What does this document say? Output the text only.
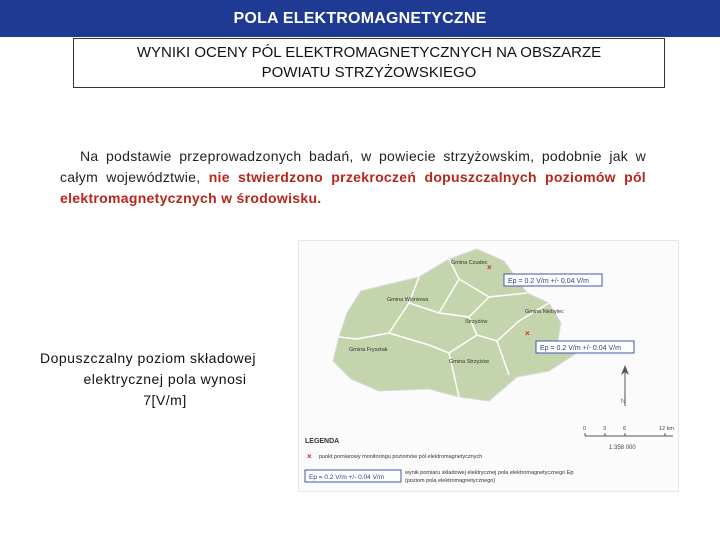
POLA ELEKTROMAGNETYCZNE
WYNIKI OCENY PÓL ELEKTROMAGNETYCZNYCH NA OBSZARZE
POWIATU STRZYŻOWSKIEGO
Na podstawie przeprowadzonych badań, w powiecie strzyżowskim, podobnie jak w całym województwie, nie stwierdzono przekroczeń dopuszczalnych poziomów pól elektromagnetycznych w środowisku.
Dopuszczalny poziom składowej
elektrycznej pola wynosi
7[V/m]
Gmina Czudec
Gmina Wiśniowa
Strzyżów
Gmina Niebylec
Gmina Frysztak
Gmina Strzyżów
×
×
Ep = 0.2 V/m +/- 0.04 V/m
Ep = 0.2 V/m +/- 0.04 V/m
N
0	3	6	12 km
1:358 000
LEGENDA
× punkt pomiarowy monitoringu poziomów pól elektromagnetycznych
Ep = 0.2 V/m +/- 0.04 V/m
wynik pomiaru składowej elektrycznej pola elektromagnetycznego Ep
(poziom pola elektromagnetycznego)
